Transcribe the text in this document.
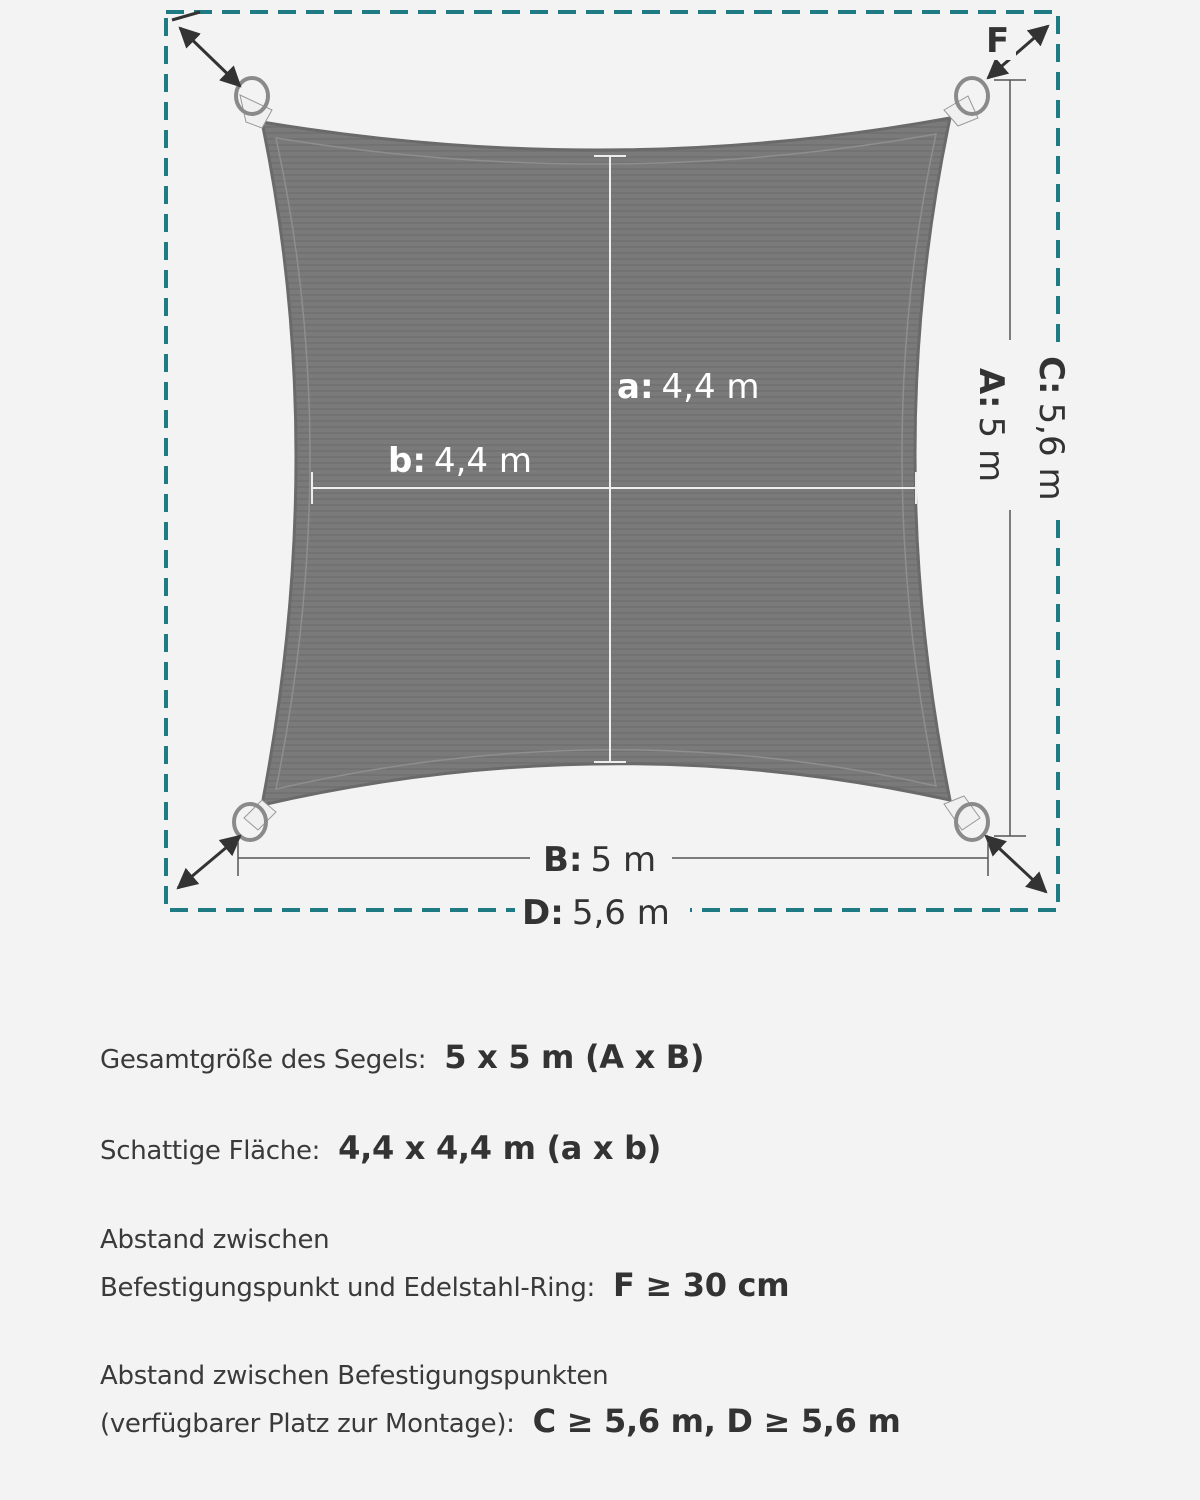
a: 4,4 m
b: 4,4 m
B: 5 m
D: 5,6 m
A:5 m
C:5,6 m
F
Gesamtgröße des Segels: 5 x 5 m (A x B)
Schattige Fläche: 4,4 x 4,4 m (a x b)
Abstand zwischen
Befestigungspunkt und Edelstahl-Ring: F ≥ 30 cm
Abstand zwischen Befestigungspunkten
(verfügbarer Platz zur Montage): C ≥ 5,6 m, D ≥ 5,6 m
